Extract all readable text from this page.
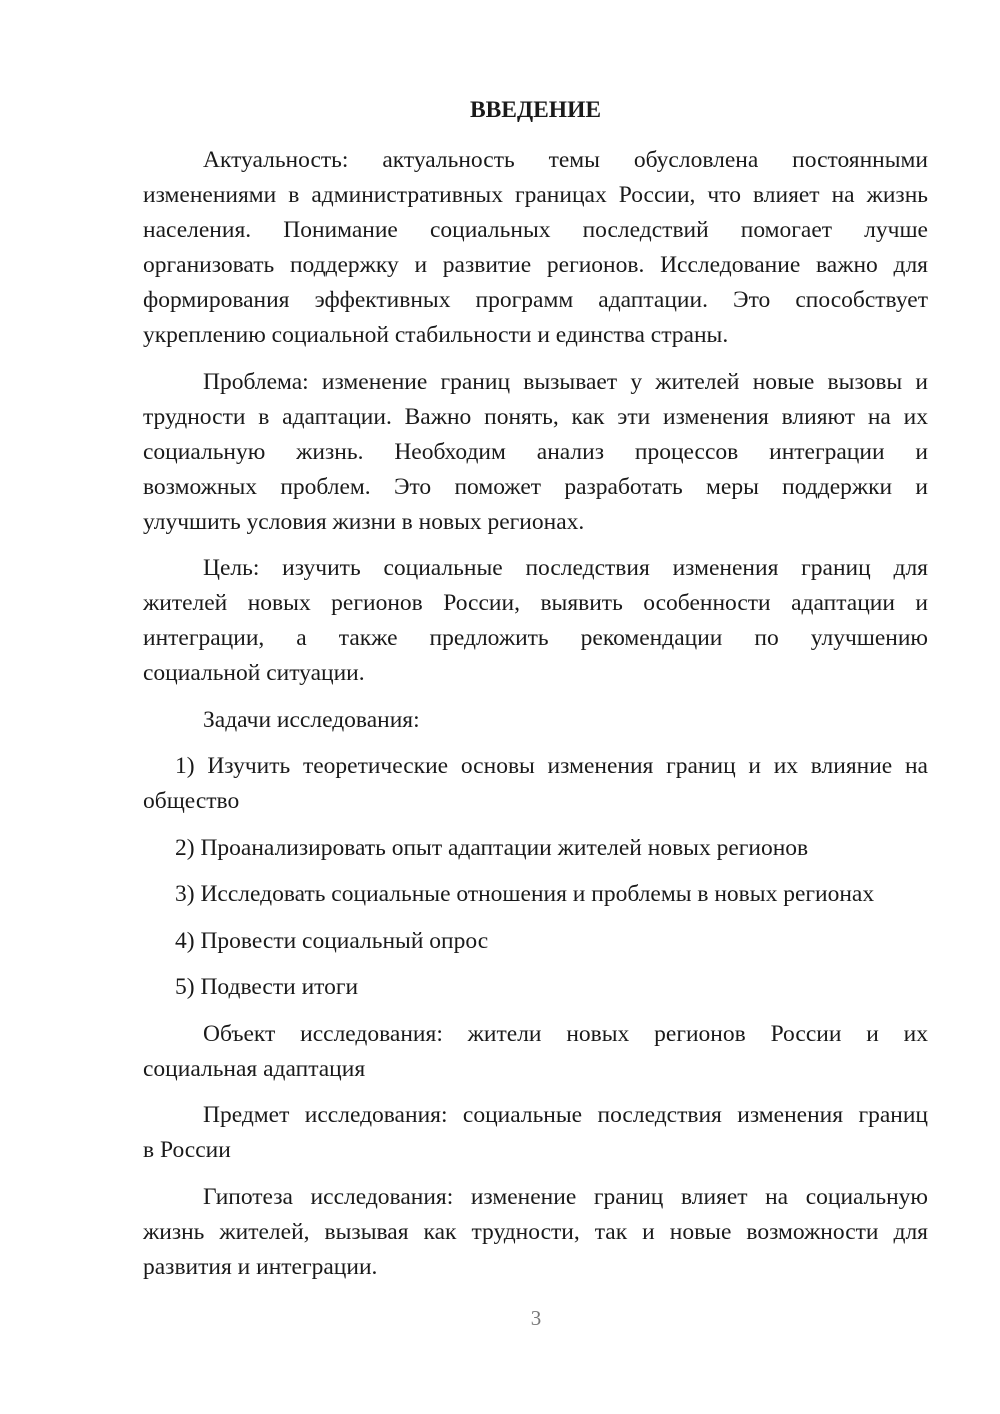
ВВЕДЕНИЕ
Актуальность: актуальность темы обусловлена постоянными
изменениями в административных границах России, что влияет на жизнь
населения. Понимание социальных последствий помогает лучше
организовать поддержку и развитие регионов. Исследование важно для
формирования эффективных программ адаптации. Это способствует
укреплению социальной стабильности и единства страны.
Проблема: изменение границ вызывает у жителей новые вызовы и
трудности в адаптации. Важно понять, как эти изменения влияют на их
социальную жизнь. Необходим анализ процессов интеграции и
возможных проблем. Это поможет разработать меры поддержки и
улучшить условия жизни в новых регионах.
Цель: изучить социальные последствия изменения границ для
жителей новых регионов России, выявить особенности адаптации и
интеграции, а также предложить рекомендации по улучшению
социальной ситуации.
Задачи исследования:
1) Изучить теоретические основы изменения границ и их влияние на
общество
2) Проанализировать опыт адаптации жителей новых регионов
3) Исследовать социальные отношения и проблемы в новых регионах
4) Провести социальный опрос
5) Подвести итоги
Объект исследования: жители новых регионов России и их
социальная адаптация
Предмет исследования: социальные последствия изменения границ
в России
Гипотеза исследования: изменение границ влияет на социальную
жизнь жителей, вызывая как трудности, так и новые возможности для
развития и интеграции.
3
